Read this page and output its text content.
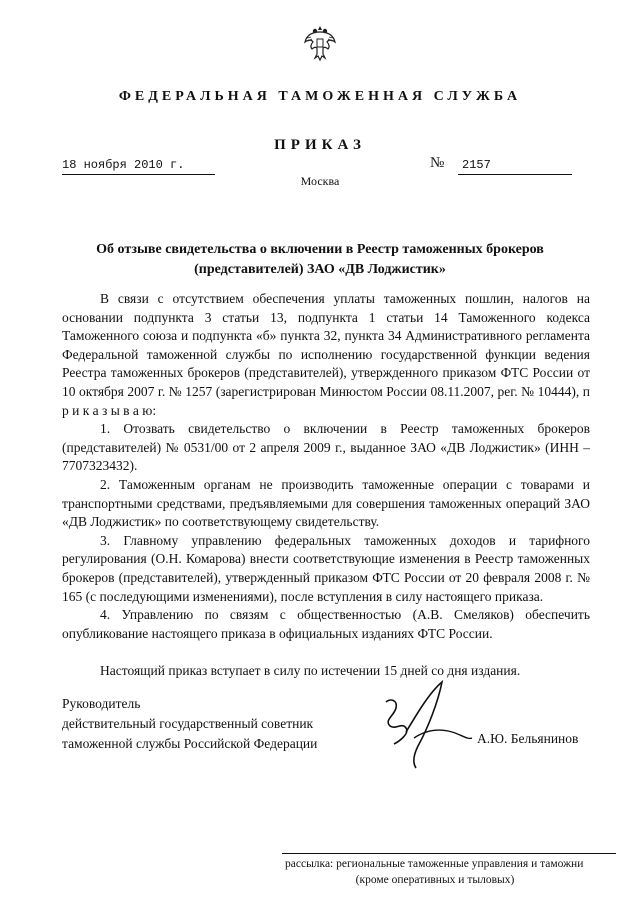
ФЕДЕРАЛЬНАЯ ТАМОЖЕННАЯ СЛУЖБА
ПРИКАЗ
18 ноября 2010 г.	№ 2157
Москва
Об отзыве свидетельства о включении в Реестр таможенных брокеров
(представителей) ЗАО «ДВ Лоджистик»

В связи с отсутствием обеспечения уплаты таможенных пошлин, налогов на основании подпункта 3 статьи 13, подпункта 1 статьи 14 Таможенного кодекса Таможенного союза и подпункта «б» пункта 32, пункта 34 Административного регламента Федеральной таможенной службы по исполнению государственной функции ведения Реестра таможенных брокеров (представителей), утвержденного приказом ФТС России от 10 октября 2007 г. № 1257 (зарегистрирован Минюстом России 08.11.2007, рег. № 10444), п р и к а з ы в а ю:

1. Отозвать свидетельство о включении в Реестр таможенных брокеров (представителей) № 0531/00 от 2 апреля 2009 г., выданное ЗАО «ДВ Лоджистик» (ИНН – 7707323432).

2. Таможенным органам не производить таможенные операции с товарами и транспортными средствами, предъявляемыми для совершения таможенных операций ЗАО «ДВ Лоджистик» по соответствующему свидетельству.

3. Главному управлению федеральных таможенных доходов и тарифного регулирования (О.Н. Комарова) внести соответствующие изменения в Реестр таможенных брокеров (представителей), утвержденный приказом ФТС России от 20 февраля 2008 г. № 165 (с последующими изменениями), после вступления в силу настоящего приказа.

4. Управлению по связям с общественностью (А.В. Смеляков) обеспечить опубликование настоящего приказа в официальных изданиях ФТС России.

Настоящий приказ вступает в силу по истечении 15 дней со дня издания.

Руководитель
действительный государственный советник
таможенной службы Российской Федерации	А.Ю. Бельянинов
рассылка: региональные таможенные управления и таможни
(кроме оперативных и тыловых)
